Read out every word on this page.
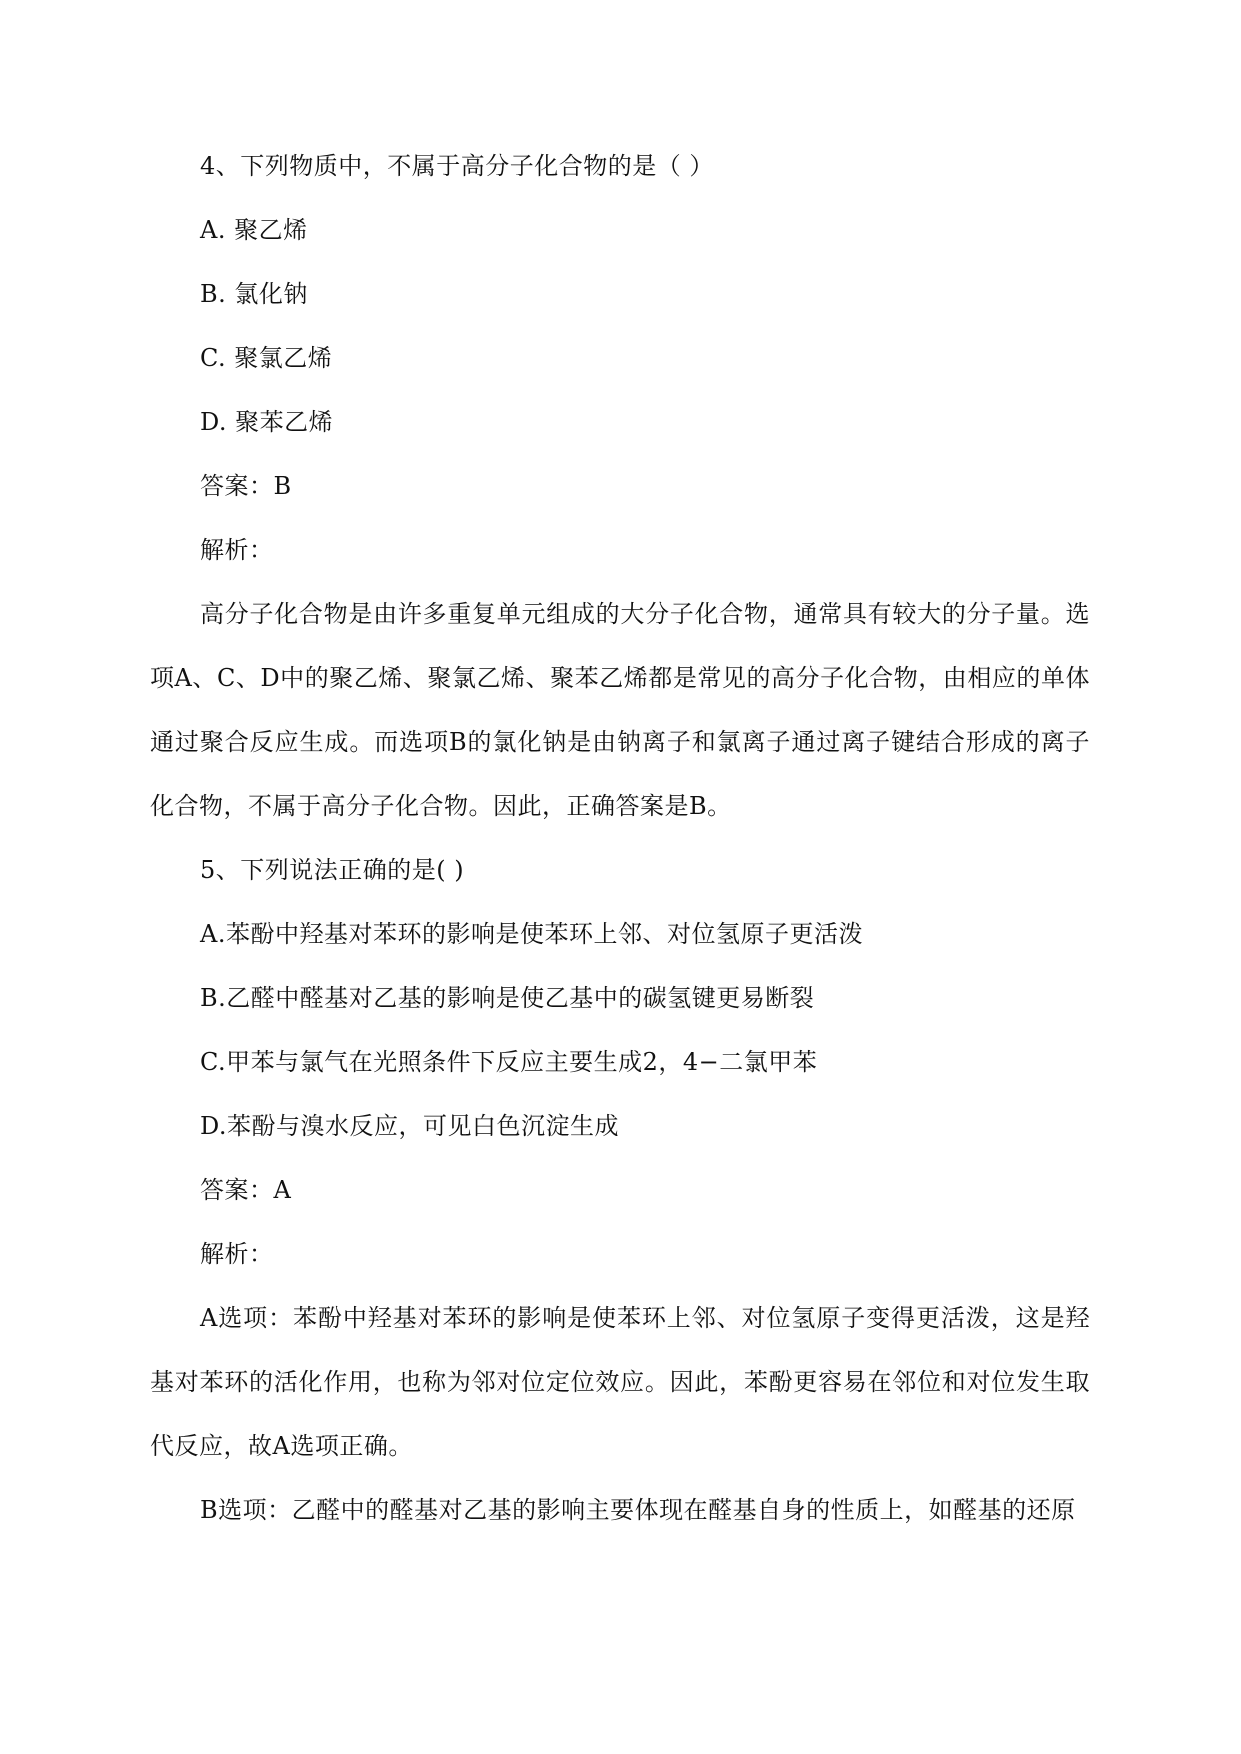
4、下列物质中，不属于高分子化合物的是（ ）
A. 聚乙烯
B. 氯化钠
C. 聚氯乙烯
D. 聚苯乙烯
答案：B
解析：
高分子化合物是由许多重复单元组成的大分子化合物，通常具有较大的分子量。选项A、C、D中的聚乙烯、聚氯乙烯、聚苯乙烯都是常见的高分子化合物，由相应的单体通过聚合反应生成。而选项B的氯化钠是由钠离子和氯离子通过离子键结合形成的离子化合物，不属于高分子化合物。因此，正确答案是B。
5、下列说法正确的是( )
A.苯酚中羟基对苯环的影响是使苯环上邻、对位氢原子更活泼
B.乙醛中醛基对乙基的影响是使乙基中的碳氢键更易断裂
C.甲苯与氯气在光照条件下反应主要生成2，4−二氯甲苯
D.苯酚与溴水反应，可见白色沉淀生成
答案：A
解析：
A选项：苯酚中羟基对苯环的影响是使苯环上邻、对位氢原子变得更活泼，这是羟基对苯环的活化作用，也称为邻对位定位效应。因此，苯酚更容易在邻位和对位发生取代反应，故A选项正确。
B选项：乙醛中的醛基对乙基的影响主要体现在醛基自身的性质上，如醛基的还原
